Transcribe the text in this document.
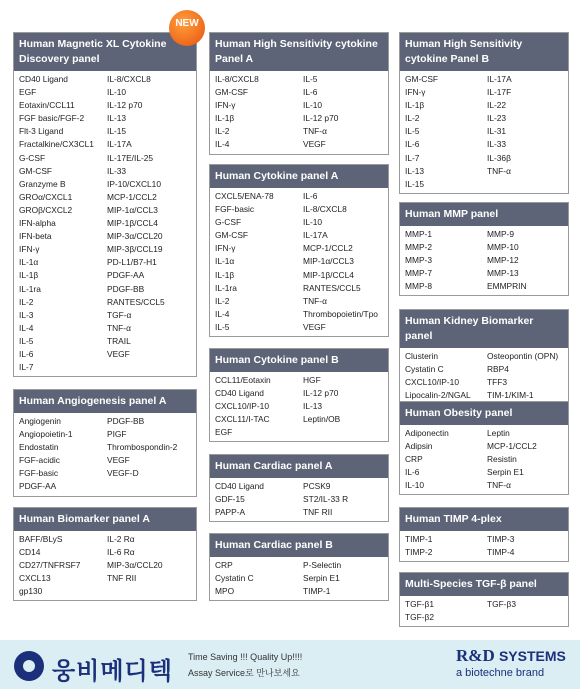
Human Magnetic XL Cytokine Discovery panel
CD40 Ligand	IL-8/CXCL8
EGF	IL-10
Eotaxin/CCL11	IL-12 p70
FGF basic/FGF-2	IL-13
Flt-3 Ligand	IL-15
Fractalkine/CX3CL1	IL-17A
G-CSF	IL-17E/IL-25
GM-CSF	IL-33
Granzyme B	IP-10/CXCL10
GROα/CXCL1	MCP-1/CCL2
GROβ/CXCL2	MIP-1α/CCL3
IFN-alpha	MIP-1β/CCL4
IFN-beta	MIP-3α/CCL20
IFN-γ	MIP-3β/CCL19
IL-1α	PD-L1/B7-H1
IL-1β	PDGF-AA
IL-1ra	PDGF-BB
IL-2	RANTES/CCL5
IL-3	TGF-α
IL-4	TNF-α
IL-5	TRAIL
IL-6	VEGF
IL-7
NEW
Human Angiogenesis panel A
Angiogenin	PDGF-BB
Angiopoietin-1	PIGF
Endostatin	Thrombospondin-2
FGF-acidic	VEGF
FGF-basic	VEGF-D
PDGF-AA
Human Biomarker panel A
BAFF/BLyS	IL-2 Rα
CD14	IL-6 Rα
CD27/TNFRSF7	MIP-3α/CCL20
CXCL13	TNF RII
gp130
Human High Sensitivity cytokine Panel A
IL-8/CXCL8	IL-5
GM-CSF	IL-6
IFN-γ	IL-10
IL-1β	IL-12 p70
IL-2	TNF-α
IL-4	VEGF
Human Cytokine panel A
CXCL5/ENA-78	IL-6
FGF-basic	IL-8/CXCL8
G-CSF	IL-10
GM-CSF	IL-17A
IFN-γ	MCP-1/CCL2
IL-1α	MIP-1α/CCL3
IL-1β	MIP-1β/CCL4
IL-1ra	RANTES/CCL5
IL-2	TNF-α
IL-4	Thrombopoietin/Tpo
IL-5	VEGF
Human Cytokine panel B
CCL11/Eotaxin	HGF
CD40 Ligand	IL-12 p70
CXCL10/IP-10	IL-13
CXCL11/I-TAC	Leptin/OB
EGF
Human Cardiac panel A
CD40 Ligand	PCSK9
GDF-15	ST2/IL-33 R
PAPP-A	TNF RII
Human Cardiac panel B
CRP	P-Selectin
Cystatin C	Serpin E1
MPO	TIMP-1
Human High Sensitivity cytokine Panel B
GM-CSF	IL-17A
IFN-γ	IL-17F
IL-1β	IL-22
IL-2	IL-23
IL-5	IL-31
IL-6	IL-33
IL-7	IL-36β
IL-13	TNF-α
IL-15
Human MMP panel
MMP-1	MMP-9
MMP-2	MMP-10
MMP-3	MMP-12
MMP-7	MMP-13
MMP-8	EMMPRIN
Human Kidney Biomarker panel
Clusterin	Osteopontin (OPN)
Cystatin C	RBP4
CXCL10/IP-10	TFF3
Lipocalin-2/NGAL	TIM-1/KIM-1
Human Obesity panel
Adiponectin	Leptin
Adipsin	MCP-1/CCL2
CRP	Resistin
IL-6	Serpin E1
IL-10	TNF-α
Human TIMP 4-plex
TIMP-1	TIMP-3
TIMP-2	TIMP-4
Multi-Species TGF-β panel
TGF-β1	TGF-β3
TGF-β2
웅비메디텍
Time Saving !!! Quality Up!!!!
Assay Service로 만나보세요
R&D SYSTEMS
a biotechne brand
